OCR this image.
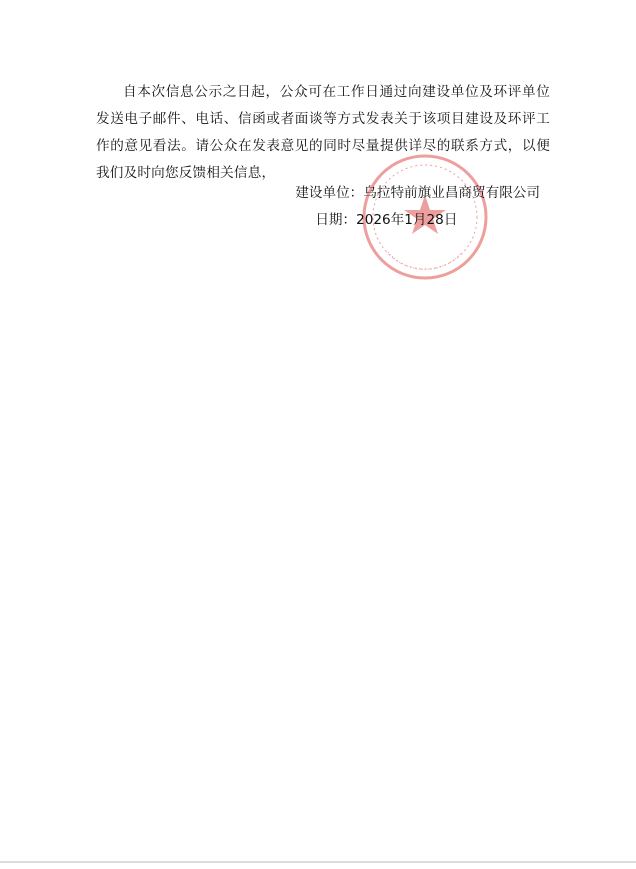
自本次信息公示之日起，公众可在工作日通过向建设单位及环评单位发送电子邮件、电话、信函或者面谈等方式发表关于该项目建设及环评工作的意见看法。请公众在发表意见的同时尽量提供详尽的联系方式，以便我们及时向您反馈相关信息，

建设单位：乌拉特前旗业昌商贸有限公司
日期：2026年1月28日
